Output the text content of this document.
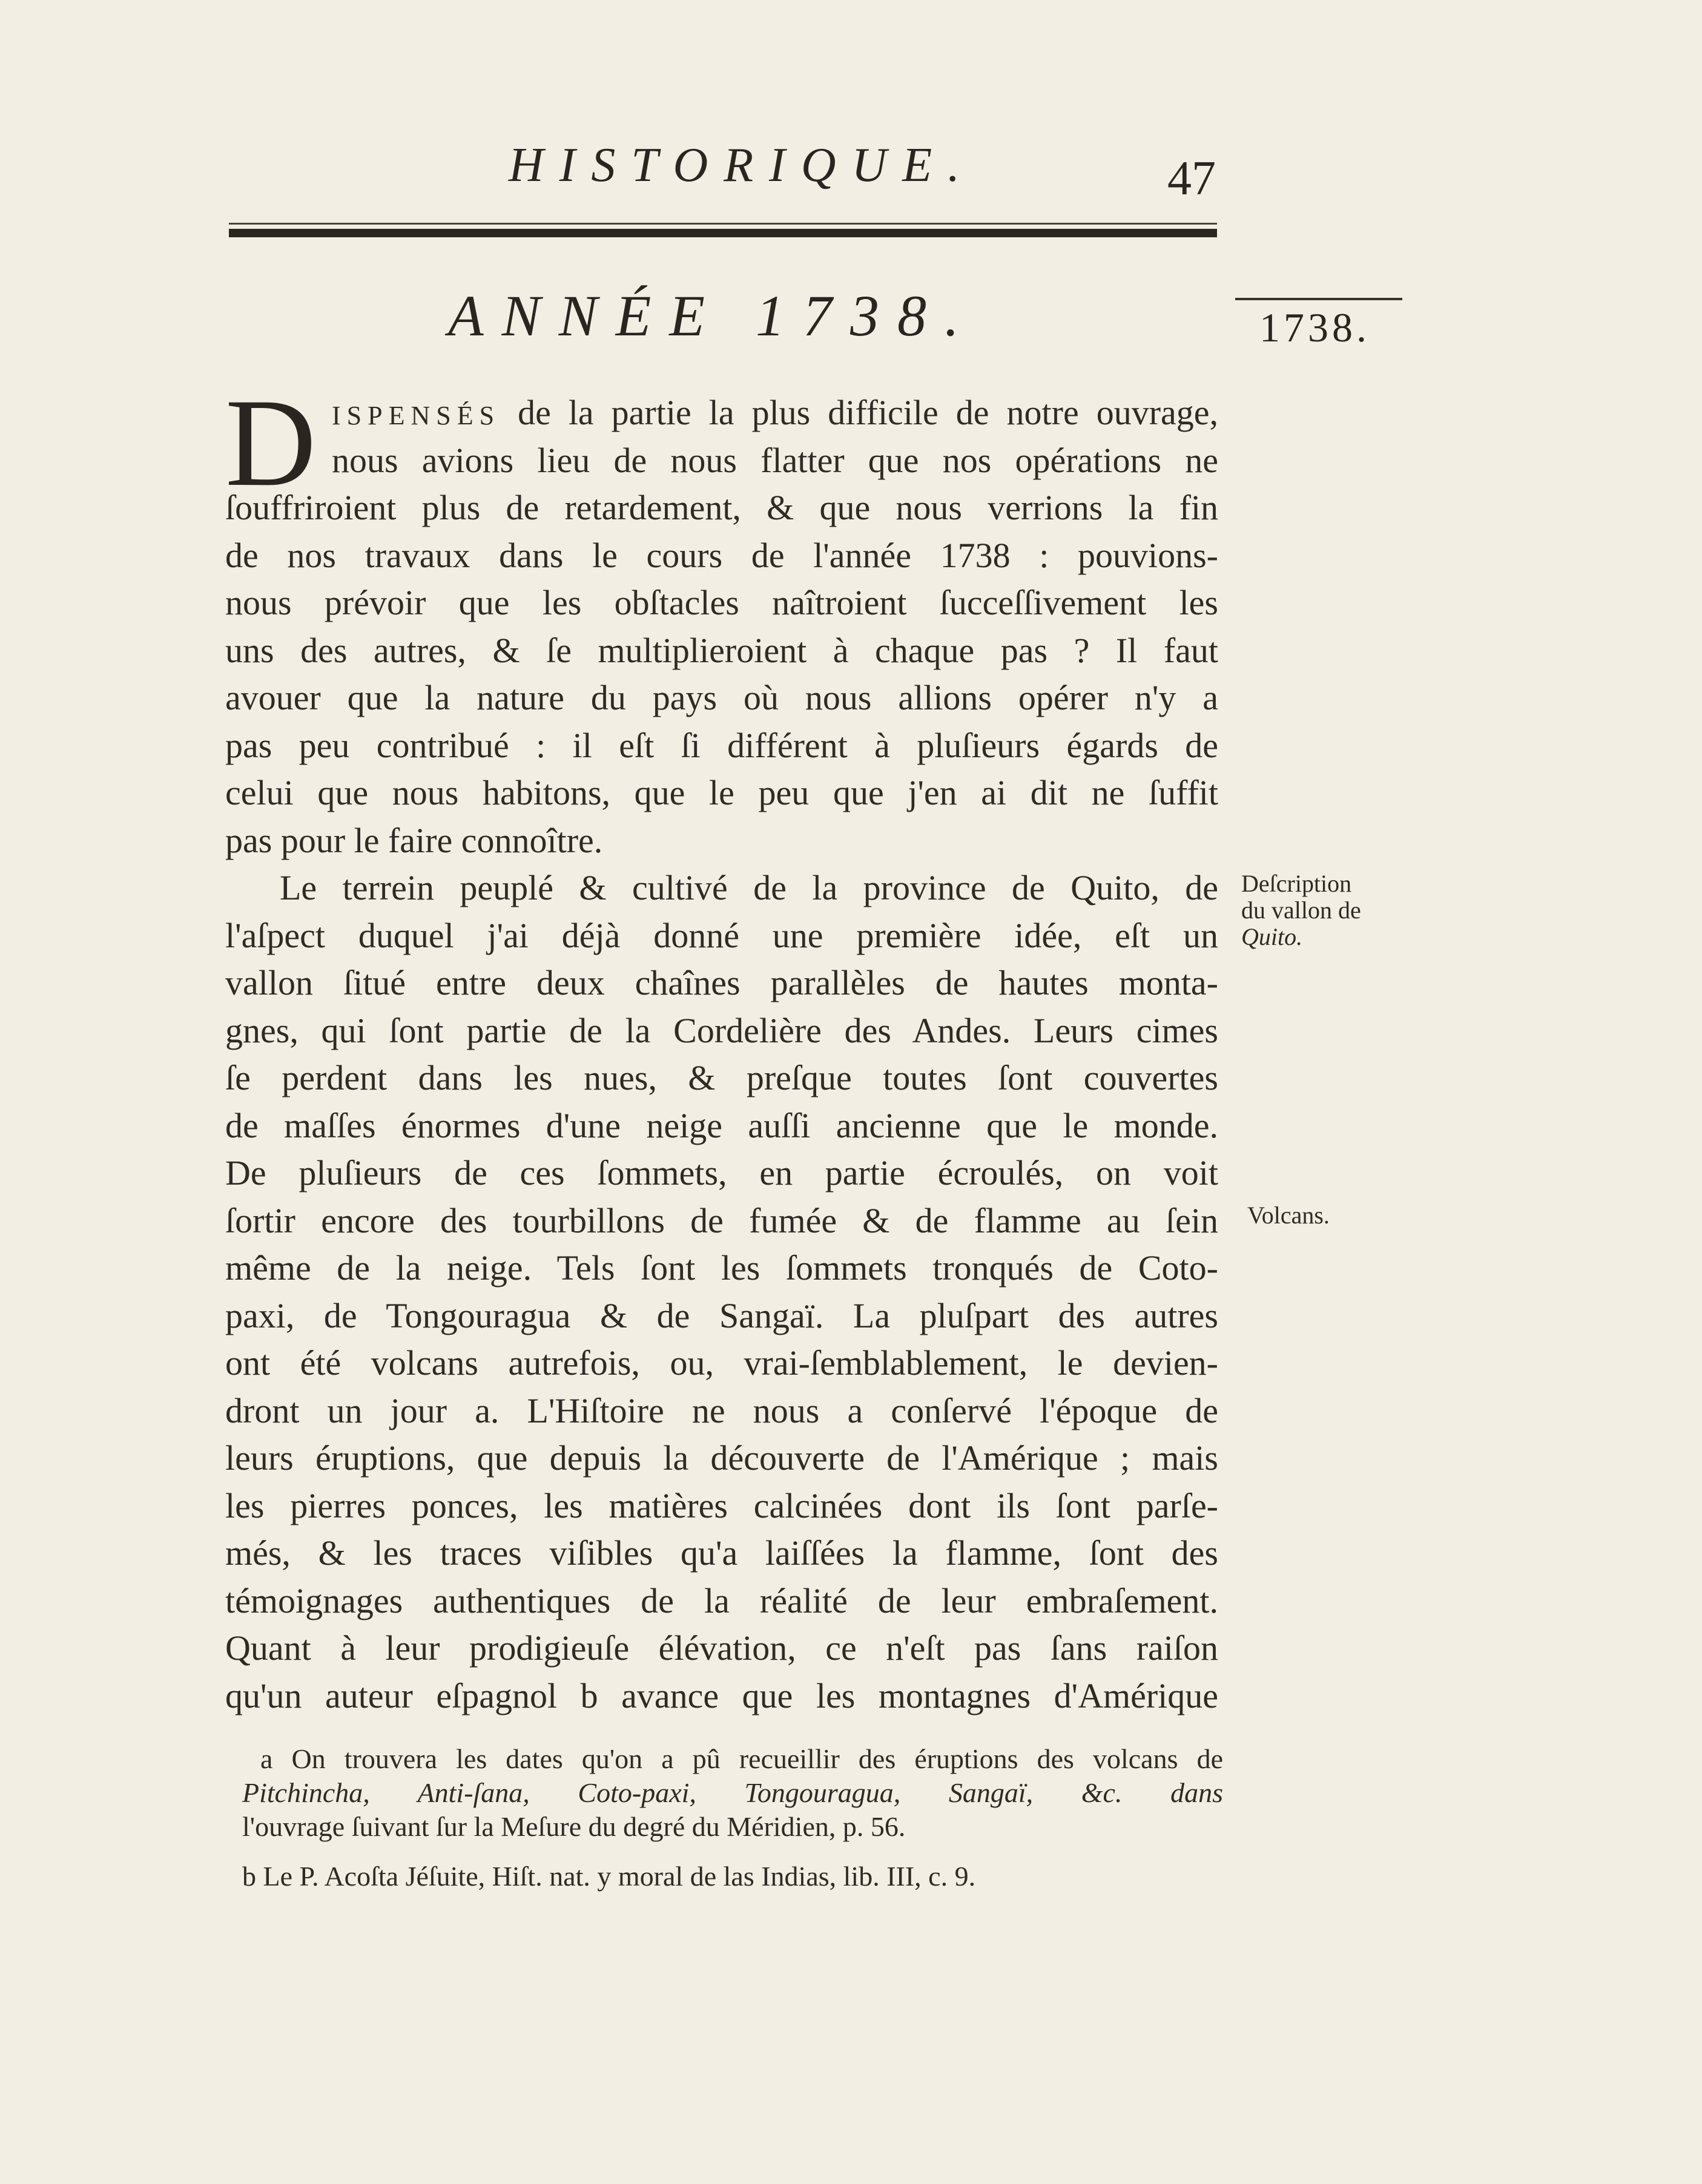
HISTORIQUE.	47
ANNÉE 1738.	1738.
D ISPENSÉS de la partie la plus difficile de notre ouvrage,
nous avions lieu de nous flatter que nos opérations ne
ſouffriroient plus de retardement, & que nous verrions la fin
de nos travaux dans le cours de l'année 1738 : pouvions-
nous prévoir que les obſtacles naîtroient ſucceſſivement les
uns des autres, & ſe multiplieroient à chaque pas ? Il faut
avouer que la nature du pays où nous allions opérer n'y a
pas peu contribué : il eſt ſi différent à pluſieurs égards de
celui que nous habitons, que le peu que j'en ai dit ne ſuffit
pas pour le faire connoître.
Le terrein peuplé & cultivé de la province de Quito, de
l'aſpect duquel j'ai déjà donné une première idée, eſt un
vallon ſitué entre deux chaînes parallèles de hautes monta-
gnes, qui ſont partie de la Cordelière des Andes. Leurs cimes
ſe perdent dans les nues, & preſque toutes ſont couvertes
de maſſes énormes d'une neige auſſi ancienne que le monde.
De pluſieurs de ces ſommets, en partie écroulés, on voit
ſortir encore des tourbillons de fumée & de flamme au ſein
même de la neige. Tels ſont les ſommets tronqués de Coto-
paxi, de Tongouragua & de Sangaï. La pluſpart des autres
ont été volcans autrefois, ou, vrai-ſemblablement, le devien-
dront un jour a. L'Hiſtoire ne nous a conſervé l'époque de
leurs éruptions, que depuis la découverte de l'Amérique ; mais
les pierres ponces, les matières calcinées dont ils ſont parſe-
més, & les traces viſibles qu'a laiſſées la flamme, ſont des
témoignages authentiques de la réalité de leur embraſement.
Quant à leur prodigieuſe élévation, ce n'eſt pas ſans raiſon
qu'un auteur eſpagnol b avance que les montagnes d'Amérique
Deſcription
du vallon de
Quito.
Volcans.
a On trouvera les dates qu'on a pû recueillir des éruptions des volcans de
Pitchincha, Anti-ſana, Coto-paxi, Tongouragua, Sangaï, &c. dans
l'ouvrage ſuivant ſur la Meſure du degré du Méridien, p. 56.
b Le P. Acoſta Jéſuite, Hiſt. nat. y moral de las Indias, lib. III, c. 9.
